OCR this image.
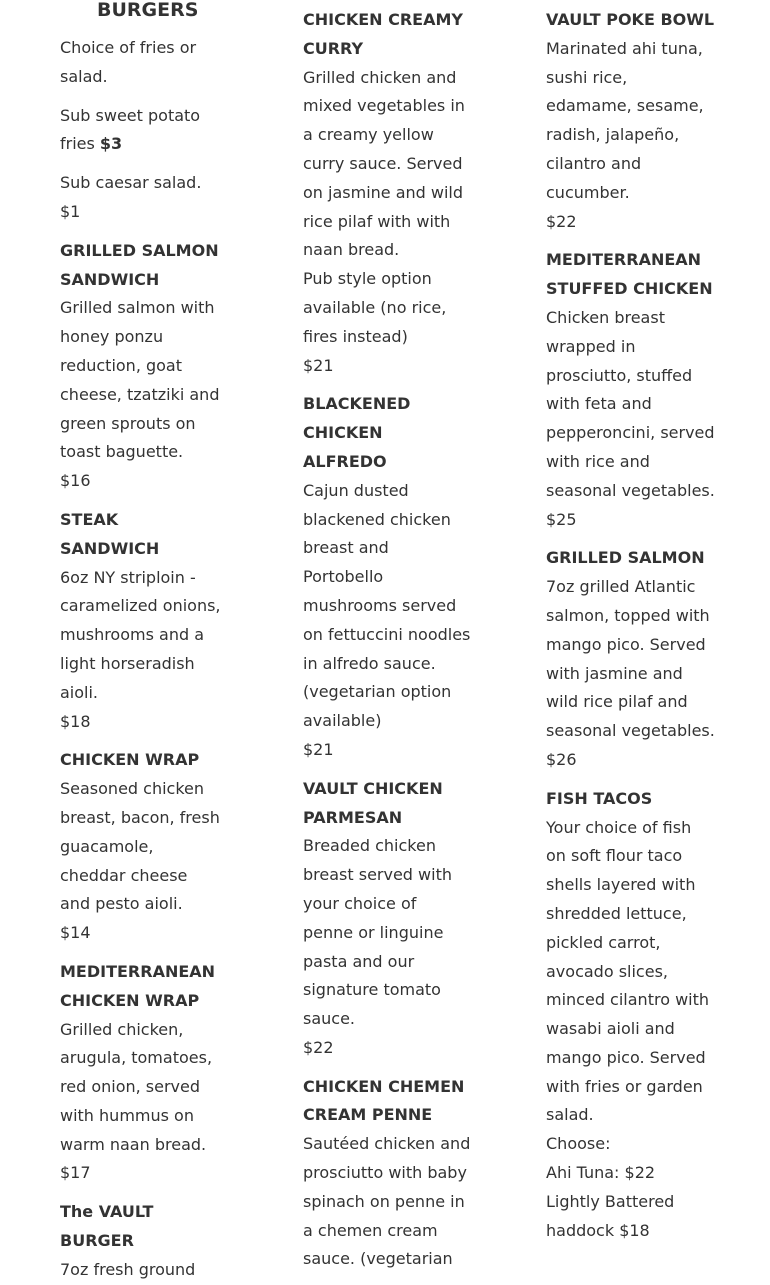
BURGERS

Choice of fries or salad.

Sub sweet potato fries $3

Sub caesar salad. $1

GRILLED SALMON SANDWICH

Grilled salmon with honey ponzu reduction, goat cheese, tzatziki and green sprouts on toast baguette.

$16

STEAK SANDWICH

6oz NY striploin - caramelized onions, mushrooms and a light horseradish aioli.

$18

CHICKEN WRAP

Seasoned chicken breast, bacon, fresh guacamole, cheddar cheese and pesto aioli.

$14

MEDITERRANEAN CHICKEN WRAP

Grilled chicken, arugula, tomatoes, red onion, served with hummus on warm naan bread.

$17

The VAULT BURGER

7oz fresh ground

CHICKEN CREAMY CURRY

Grilled chicken and mixed vegetables in a creamy yellow curry sauce. Served on jasmine and wild rice pilaf with with naan bread.

Pub style option available (no rice, fires instead)

$21

BLACKENED CHICKEN ALFREDO

Cajun dusted blackened chicken breast and Portobello mushrooms served on fettuccini noodles in alfredo sauce. (vegetarian option available)

$21

VAULT CHICKEN PARMESAN

Breaded chicken breast served with your choice of penne or linguine pasta and our signature tomato sauce.

$22

CHICKEN CHEMEN CREAM PENNE

Sautéed chicken and prosciutto with baby spinach on penne in a chemen cream sauce. (vegetarian

VAULT POKE BOWL

Marinated ahi tuna, sushi rice, edamame, sesame, radish, jalapeño, cilantro and cucumber.

$22

MEDITERRANEAN STUFFED CHICKEN

Chicken breast wrapped in prosciutto, stuffed with feta and pepperoncini, served with rice and seasonal vegetables.

$25

GRILLED SALMON

7oz grilled Atlantic salmon, topped with mango pico. Served with jasmine and wild rice pilaf and seasonal vegetables.

$26

FISH TACOS

Your choice of fish on soft flour taco shells layered with shredded lettuce, pickled carrot, avocado slices, minced cilantro with wasabi aioli and mango pico. Served with fries or garden salad.

Choose:

Ahi Tuna: $22

Lightly Battered haddock $18
